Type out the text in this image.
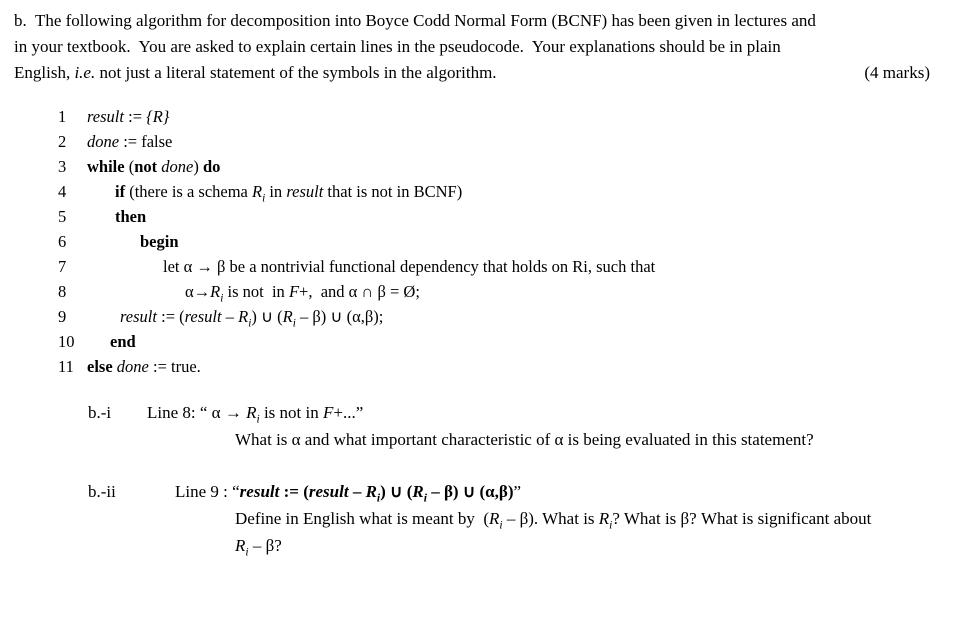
b.  The following algorithm for decomposition into Boyce Codd Normal Form (BCNF) has been given in lectures and
in your textbook.  You are asked to explain certain lines in the pseudocode.  Your explanations should be in plain
English, i.e. not just a literal statement of the symbols in the algorithm.	(4 marks)
1	result := {R}
2	done := false
3	while (not done) do
4	if (there is a schema $R_i$ in result that is not in BCNF)
5	then
6	begin
7	let α → β be a nontrivial functional dependency that holds on Ri, such that
8	$\alpha\to R_i$ is not  in F+,  and α ∩ β = Ø;
9	result := (result – $R_i$) ∪ $(R_i - \beta)$ ∪ (α,β);
10	end
11 else done := true.
b.-i	Line 8: “ $\alpha \to R_i$ is not in F+...”
What is α and what important characteristic of α is being evaluated in this statement?
b.-ii	Line 9 : “result := (result – $R_i$) ∪ $(R_i - \beta)$ ∪ (α,β)”
Define in English what is meant by  $(R_i - \beta)$. What is $R_i$? What is β? What is significant about
$R_i$ – β?
